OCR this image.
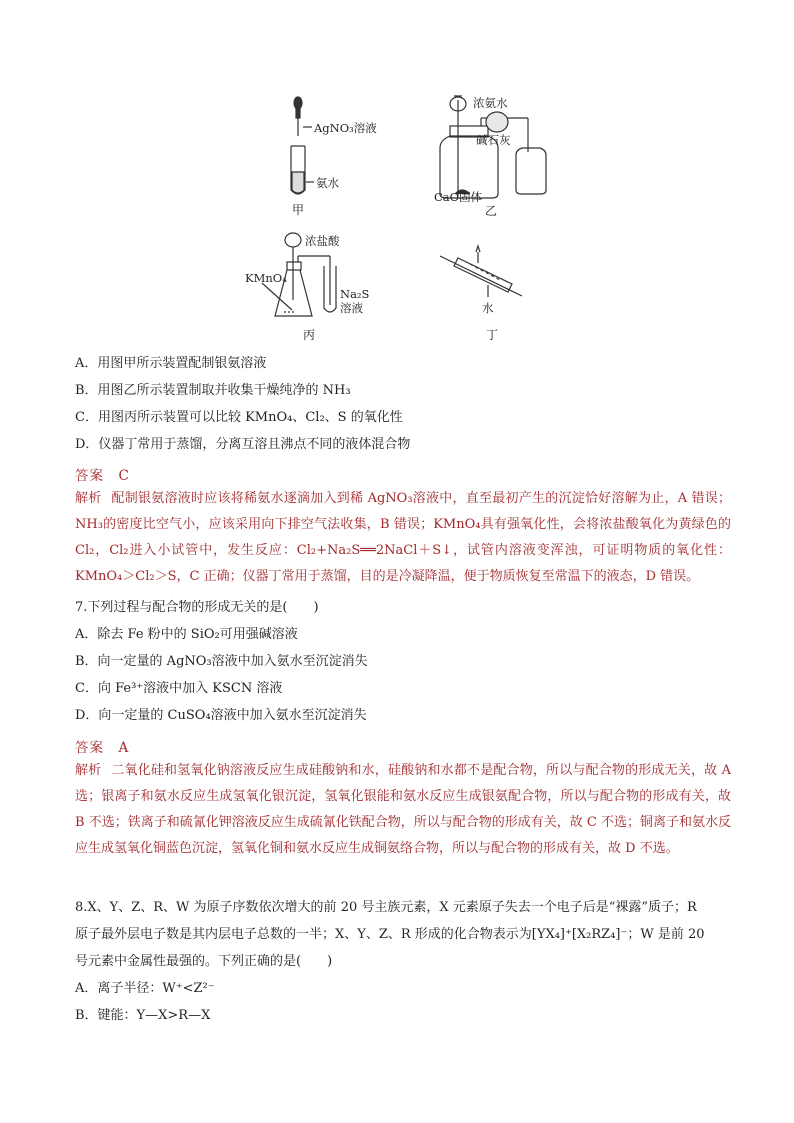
AgNO₃溶液
氨水
甲
浓氨水
碱石灰
CaO固体
乙
浓盐酸
KMnO₄
Na₂S
溶液
丙
水
丁
A．用图甲所示装置配制银氨溶液
B．用图乙所示装置制取并收集干燥纯净的 NH₃
C．用图丙所示装置可以比较 KMnO₄、Cl₂、S 的氧化性
D．仪器丁常用于蒸馏，分离互溶且沸点不同的液体混合物
答案　C
解析 配制银氨溶液时应该将稀氨水逐滴加入到稀 AgNO₃溶液中，直至最初产生的沉淀恰好溶解为止，A 错误；NH₃的密度比空气小，应该采用向下排空气法收集，B 错误；KMnO₄具有强氧化性，会将浓盐酸氧化为黄绿色的 Cl₂，Cl₂进入小试管中，发生反应：Cl₂+Na₂S══2NaCl＋S↓，试管内溶液变浑浊，可证明物质的氧化性：KMnO₄＞Cl₂＞S，C 正确；仪器丁常用于蒸馏，目的是冷凝降温，便于物质恢复至常温下的液态，D 错误。
7.下列过程与配合物的形成无关的是(　　)
A．除去 Fe 粉中的 SiO₂可用强碱溶液
B．向一定量的 AgNO₃溶液中加入氨水至沉淀消失
C．向 Fe³⁺溶液中加入 KSCN 溶液
D．向一定量的 CuSO₄溶液中加入氨水至沉淀消失
答案　A
解析 二氧化硅和氢氧化钠溶液反应生成硅酸钠和水，硅酸钠和水都不是配合物，所以与配合物的形成无关，故 A 选；银离子和氨水反应生成氢氧化银沉淀，氢氧化银能和氨水反应生成银氨配合物，所以与配合物的形成有关，故 B 不选；铁离子和硫氰化钾溶液反应生成硫氰化铁配合物，所以与配合物的形成有关，故 C 不选；铜离子和氨水反应生成氢氧化铜蓝色沉淀，氢氧化铜和氨水反应生成铜氨络合物，所以与配合物的形成有关，故 D 不选。
8.X、Y、Z、R、W 为原子序数依次增大的前 20 号主族元素，X 元素原子失去一个电子后是“裸露”质子；R
原子最外层电子数是其内层电子总数的一半；X、Y、Z、R 形成的化合物表示为[YX₄]⁺[X₂RZ₄]⁻；W 是前 20
号元素中金属性最强的。下列正确的是(　　)
A．离子半径：W⁺<Z²⁻
B．键能：Y—X>R—X
